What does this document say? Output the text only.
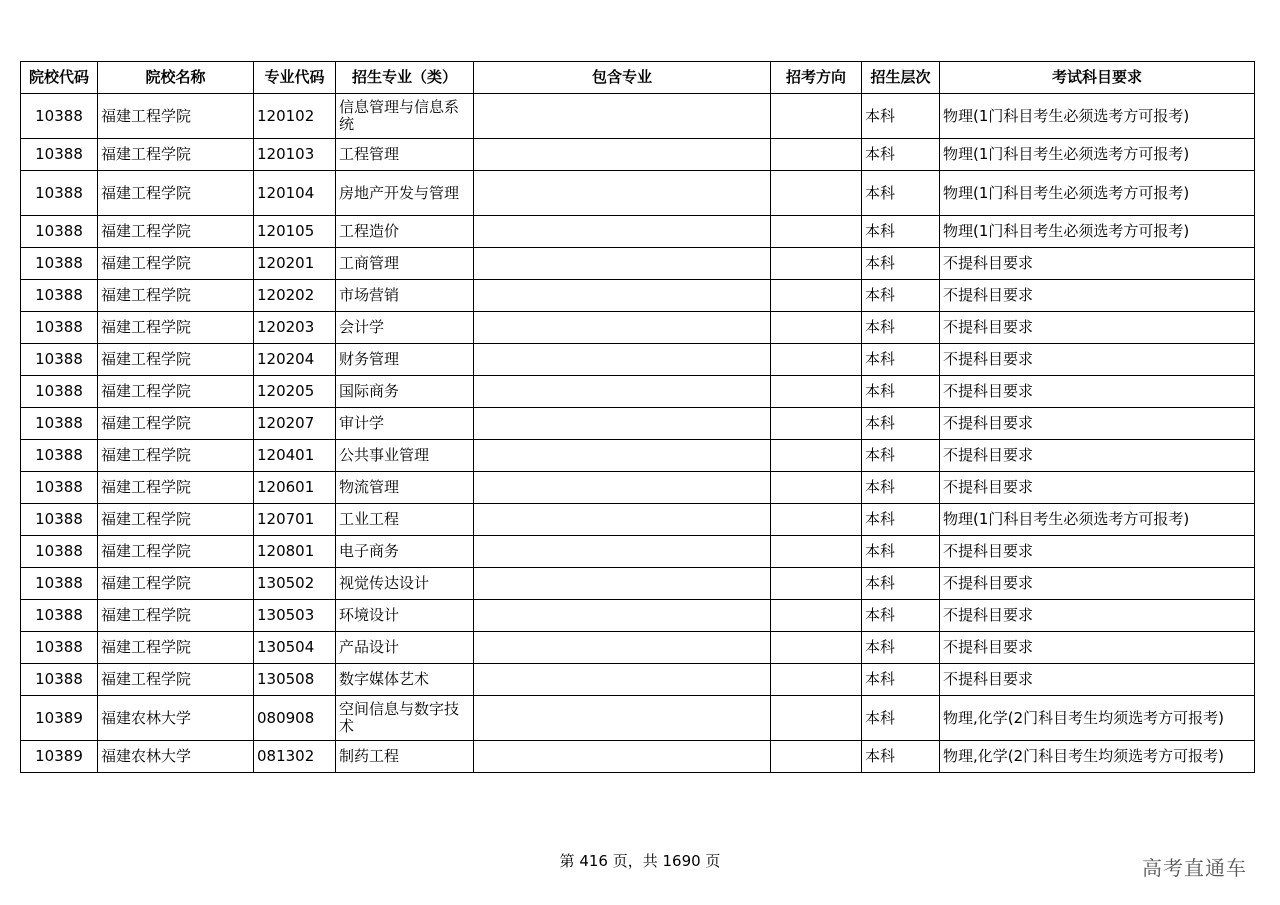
院校代码	院校名称	专业代码	招生专业（类）	包含专业	招考方向	招生层次	考试科目要求
10388	福建工程学院	120102	信息管理与信息系统			本科	物理(1门科目考生必须选考方可报考)
10388	福建工程学院	120103	工程管理			本科	物理(1门科目考生必须选考方可报考)
10388	福建工程学院	120104	房地产开发与管理			本科	物理(1门科目考生必须选考方可报考)
10388	福建工程学院	120105	工程造价			本科	物理(1门科目考生必须选考方可报考)
10388	福建工程学院	120201	工商管理			本科	不提科目要求
10388	福建工程学院	120202	市场营销			本科	不提科目要求
10388	福建工程学院	120203	会计学			本科	不提科目要求
10388	福建工程学院	120204	财务管理			本科	不提科目要求
10388	福建工程学院	120205	国际商务			本科	不提科目要求
10388	福建工程学院	120207	审计学			本科	不提科目要求
10388	福建工程学院	120401	公共事业管理			本科	不提科目要求
10388	福建工程学院	120601	物流管理			本科	不提科目要求
10388	福建工程学院	120701	工业工程			本科	物理(1门科目考生必须选考方可报考)
10388	福建工程学院	120801	电子商务			本科	不提科目要求
10388	福建工程学院	130502	视觉传达设计			本科	不提科目要求
10388	福建工程学院	130503	环境设计			本科	不提科目要求
10388	福建工程学院	130504	产品设计			本科	不提科目要求
10388	福建工程学院	130508	数字媒体艺术			本科	不提科目要求
10389	福建农林大学	080908	空间信息与数字技术			本科	物理,化学(2门科目考生均须选考方可报考)
10389	福建农林大学	081302	制药工程			本科	物理,化学(2门科目考生均须选考方可报考)
第 416 页，共 1690 页	高考直通车
